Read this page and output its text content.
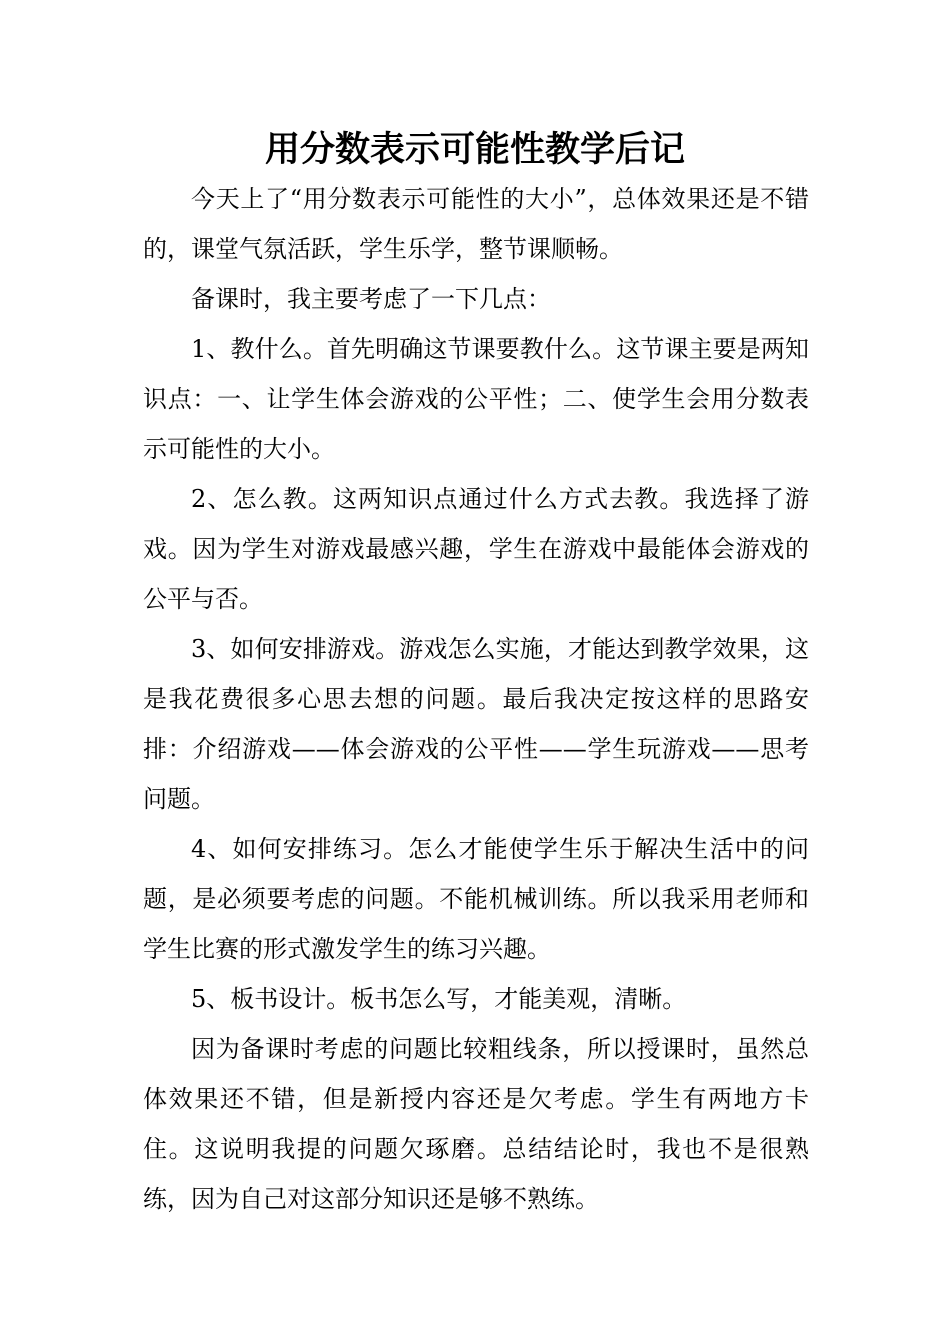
用分数表示可能性教学后记

今天上了“用分数表示可能性的大小”，总体效果还是不错的，课堂气氛活跃，学生乐学，整节课顺畅。

备课时，我主要考虑了一下几点：

1、教什么。首先明确这节课要教什么。这节课主要是两知识点：一、让学生体会游戏的公平性；二、使学生会用分数表示可能性的大小。

2、怎么教。这两知识点通过什么方式去教。我选择了游戏。因为学生对游戏最感兴趣，学生在游戏中最能体会游戏的公平与否。

3、如何安排游戏。游戏怎么实施，才能达到教学效果，这是我花费很多心思去想的问题。最后我决定按这样的思路安排：介绍游戏——体会游戏的公平性——学生玩游戏——思考问题。

4、如何安排练习。怎么才能使学生乐于解决生活中的问题，是必须要考虑的问题。不能机械训练。所以我采用老师和学生比赛的形式激发学生的练习兴趣。

5、板书设计。板书怎么写，才能美观，清晰。

因为备课时考虑的问题比较粗线条，所以授课时，虽然总体效果还不错，但是新授内容还是欠考虑。学生有两地方卡住。这说明我提的问题欠琢磨。总结结论时，我也不是很熟练，因为自己对这部分知识还是够不熟练。
